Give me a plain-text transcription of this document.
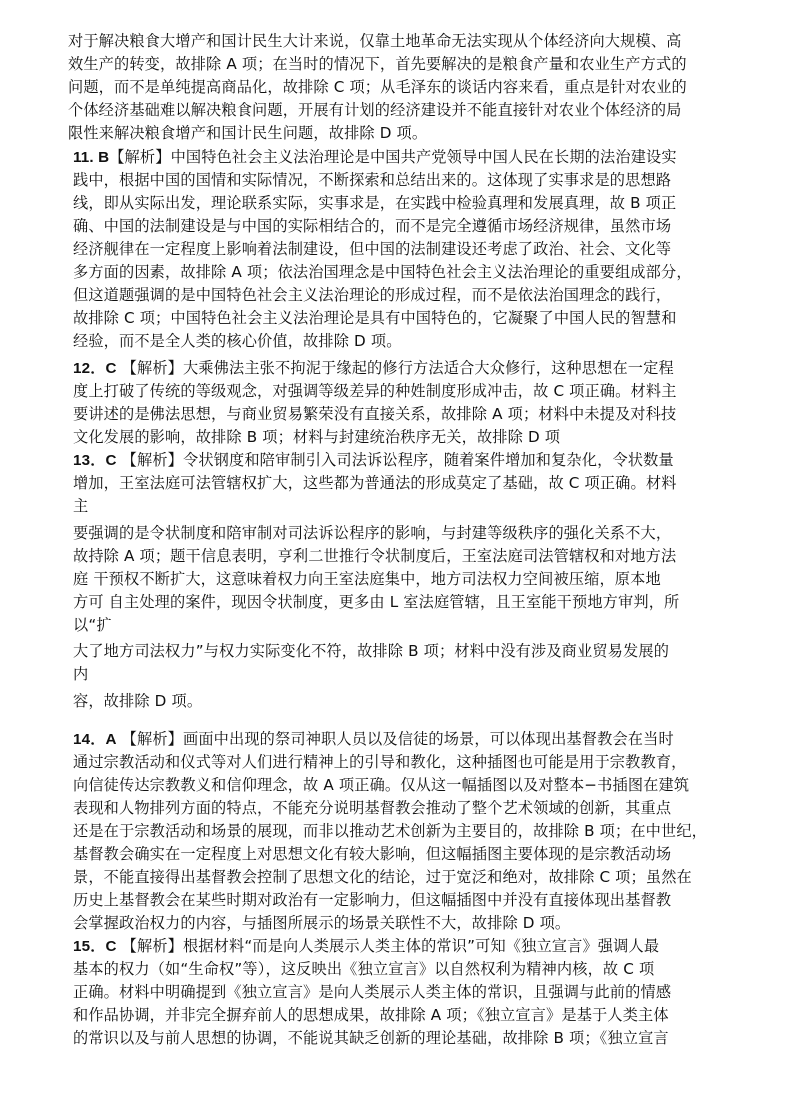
对于解决粮食大增产和国计民生大计来说，仅靠土地革命无法实现从个体经济向大规模、高
效生产的转变，故排除 A 项；在当时的情况下，首先要解决的是粮食产量和农业生产方式的
问题，而不是单纯提高商品化，故排除 C 项；从毛泽东的谈话内容来看，重点是针对农业的
个体经济基础难以解决粮食问题，开展有计划的经济建设并不能直接针对农业个体经济的局
限性来解决粮食增产和国计民生问题，故排除 D 项。
11. B【解析】中国特色社会主义法治理论是中国共产党领导中国人民在长期的法治建设实
践中，根据中国的国情和实际情况，不断探索和总结出来的。这体现了实事求是的思想路
线，即从实际出发，理论联系实际，实事求是，在实践中检验真理和发展真理，故 B 项正
确、中国的法制建设是与中国的实际相结合的，而不是完全遵循市场经济规律，虽然市场
经济舰律在一定程度上影响着法制建设，但中国的法制建设还考虑了政治、社会、文化等
多方面的因素，故排除 A 项；依法治国理念是中国特色社会主义法治理论的重要组成部分，
但这道题强调的是中国特色社会主义法治理论的形成过程，而不是依法治国理念的践行，
故排除 C 项；中国特色社会主义法治理论是具有中国特色的，它凝聚了中国人民的智慧和
经验，而不是全人类的核心价值，故排除 D 项。
12．C 【解析】大乘佛法主张不拘泥于缘起的修行方法适合大众修行，这种思想在一定程
度上打破了传统的等级观念，对强调等级差异的种姓制度形成冲击，故 C 项正确。材料主
要讲述的是佛法思想，与商业贸易繁荣没有直接关系，故排除 A 项；材料中未提及对科技
文化发展的影响，故排除 B 项；材料与封建统治秩序无关，故排除 D 项
13．C 【解析】令状钢度和陪审制引入司法诉讼程序，随着案件增加和复杂化，令状数量
增加，王室法庭可法管辖权扩大，这些都为普通法的形成莫定了基础，故 C 项正确。材料
主
要强调的是令状制度和陪审制对司法诉讼程序的影响，与封建等级秩序的强化关系不大，
故持除 A 项；题干信息表明，亨利二世推行令状制度后，王室法庭司法管辖权和对地方法
庭 干预权不断扩大，这意味着权力向王室法庭集中，地方司法权力空间被压缩，原本地
方可 自主处理的案件，现因令状制度，更多由 L 室法庭管辖，且王室能干预地方审判，所
以“扩
大了地方司法权力”与权力实际变化不符，故排除 B 项；材料中没有涉及商业贸易发展的
内
容，故排除 D 项。
14．A 【解析】画面中出现的祭司神职人员以及信徒的场景，可以体现出基督教会在当时
通过宗教活动和仪式等对人们进行精神上的引导和教化，这种插图也可能是用于宗教教育，
向信徒传达宗教教义和信仰理念，故 A 项正确。仅从这一幅插图以及对整本−书插图在建筑
表现和人物排列方面的特点，不能充分说明基督教会推动了整个艺术领域的创新，其重点
还是在于宗教活动和场景的展现，而非以推动艺术创新为主要目的，故排除 B 项；在中世纪，
基督教会确实在一定程度上对思想文化有较大影响，但这幅插图主要体现的是宗教活动场
景，不能直接得出基督教会控制了思想文化的结论，过于宽泛和绝对，故排除 C 项；虽然在
历史上基督教会在某些时期对政治有一定影响力，但这幅插图中并没有直接体现出基督教
会掌握政治权力的内容，与插图所展示的场景关联性不大，故排除 D 项。
15．C 【解析】根据材料“而是向人类展示人类主体的常识”可知《独立宣言》强调人最
基本的权力（如“生命权”等），这反映出《独立宣言》以自然权利为精神内核，故 C 项
正确。材料中明确提到《独立宣言》是向人类展示人类主体的常识，且强调与此前的情感
和作品协调，并非完全摒弃前人的思想成果，故排除 A 项；《独立宣言》是基于人类主体
的常识以及与前人思想的协调，不能说其缺乏创新的理论基础，故排除 B 项；《独立宣言
